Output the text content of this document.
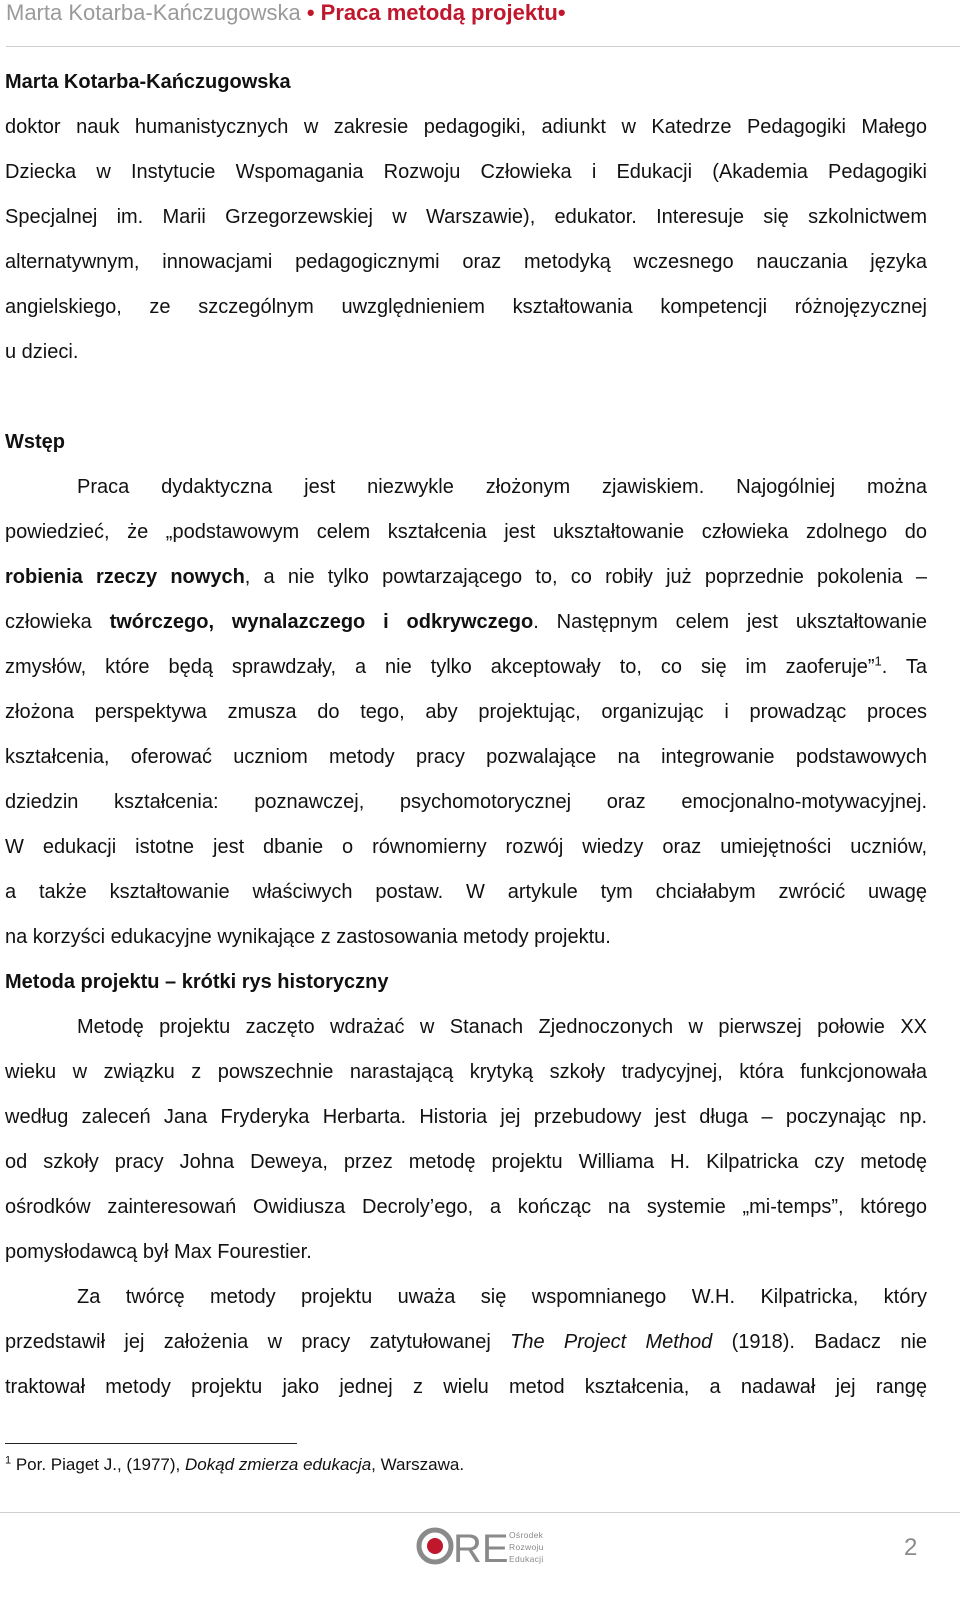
Marta Kotarba-Kańczugowska • Praca metodą projektu•

Marta Kotarba-Kańczugowska

doktor nauk humanistycznych w zakresie pedagogiki, adiunkt w Katedrze Pedagogiki Małego

Dziecka w Instytucie Wspomagania Rozwoju Człowieka i Edukacji (Akademia Pedagogiki

Specjalnej im. Marii Grzegorzewskiej w Warszawie), edukator. Interesuje się szkolnictwem

alternatywnym, innowacjami pedagogicznymi oraz metodyką wczesnego nauczania języka

angielskiego, ze szczególnym uwzględnieniem kształtowania kompetencji różnojęzycznej

u dzieci.

Wstęp

Praca dydaktyczna jest niezwykle złożonym zjawiskiem. Najogólniej można

powiedzieć, że „podstawowym celem kształcenia jest ukształtowanie człowieka zdolnego do

robienia rzeczy nowych, a nie tylko powtarzającego to, co robiły już poprzednie pokolenia –

człowieka twórczego, wynalazczego i odkrywczego. Następnym celem jest ukształtowanie

zmysłów, które będą sprawdzały, a nie tylko akceptowały to, co się im zaoferuje”$^1$. Ta

złożona perspektywa zmusza do tego, aby projektując, organizując i prowadząc proces

kształcenia, oferować uczniom metody pracy pozwalające na integrowanie podstawowych

dziedzin kształcenia: poznawczej, psychomotorycznej oraz emocjonalno-motywacyjnej.

W edukacji istotne jest dbanie o równomierny rozwój wiedzy oraz umiejętności uczniów,

a także kształtowanie właściwych postaw. W artykule tym chciałabym zwrócić uwagę

na korzyści edukacyjne wynikające z zastosowania metody projektu.

Metoda projektu – krótki rys historyczny

Metodę projektu zaczęto wdrażać w Stanach Zjednoczonych w pierwszej połowie XX

wieku w związku z powszechnie narastającą krytyką szkoły tradycyjnej, która funkcjonowała

według zaleceń Jana Fryderyka Herbarta. Historia jej przebudowy jest długa – poczynając np.

od szkoły pracy Johna Deweya, przez metodę projektu Williama H. Kilpatricka czy metodę

ośrodków zainteresowań Owidiusza Decroly’ego, a kończąc na systemie „mi-temps”, którego

pomysłodawcą był Max Fourestier.

Za twórcę metody projektu uważa się wspomnianego W.H. Kilpatricka, który

przedstawił jej założenia w pracy zatytułowanej The Project Method (1918). Badacz nie

traktował metody projektu jako jednej z wielu metod kształcenia, a nadawał jej rangę

$^1$ Por. Piaget J., (1977), Dokąd zmierza edukacja, Warszawa.
RE Ośrodek
Rozwoju
Edukacji	2
